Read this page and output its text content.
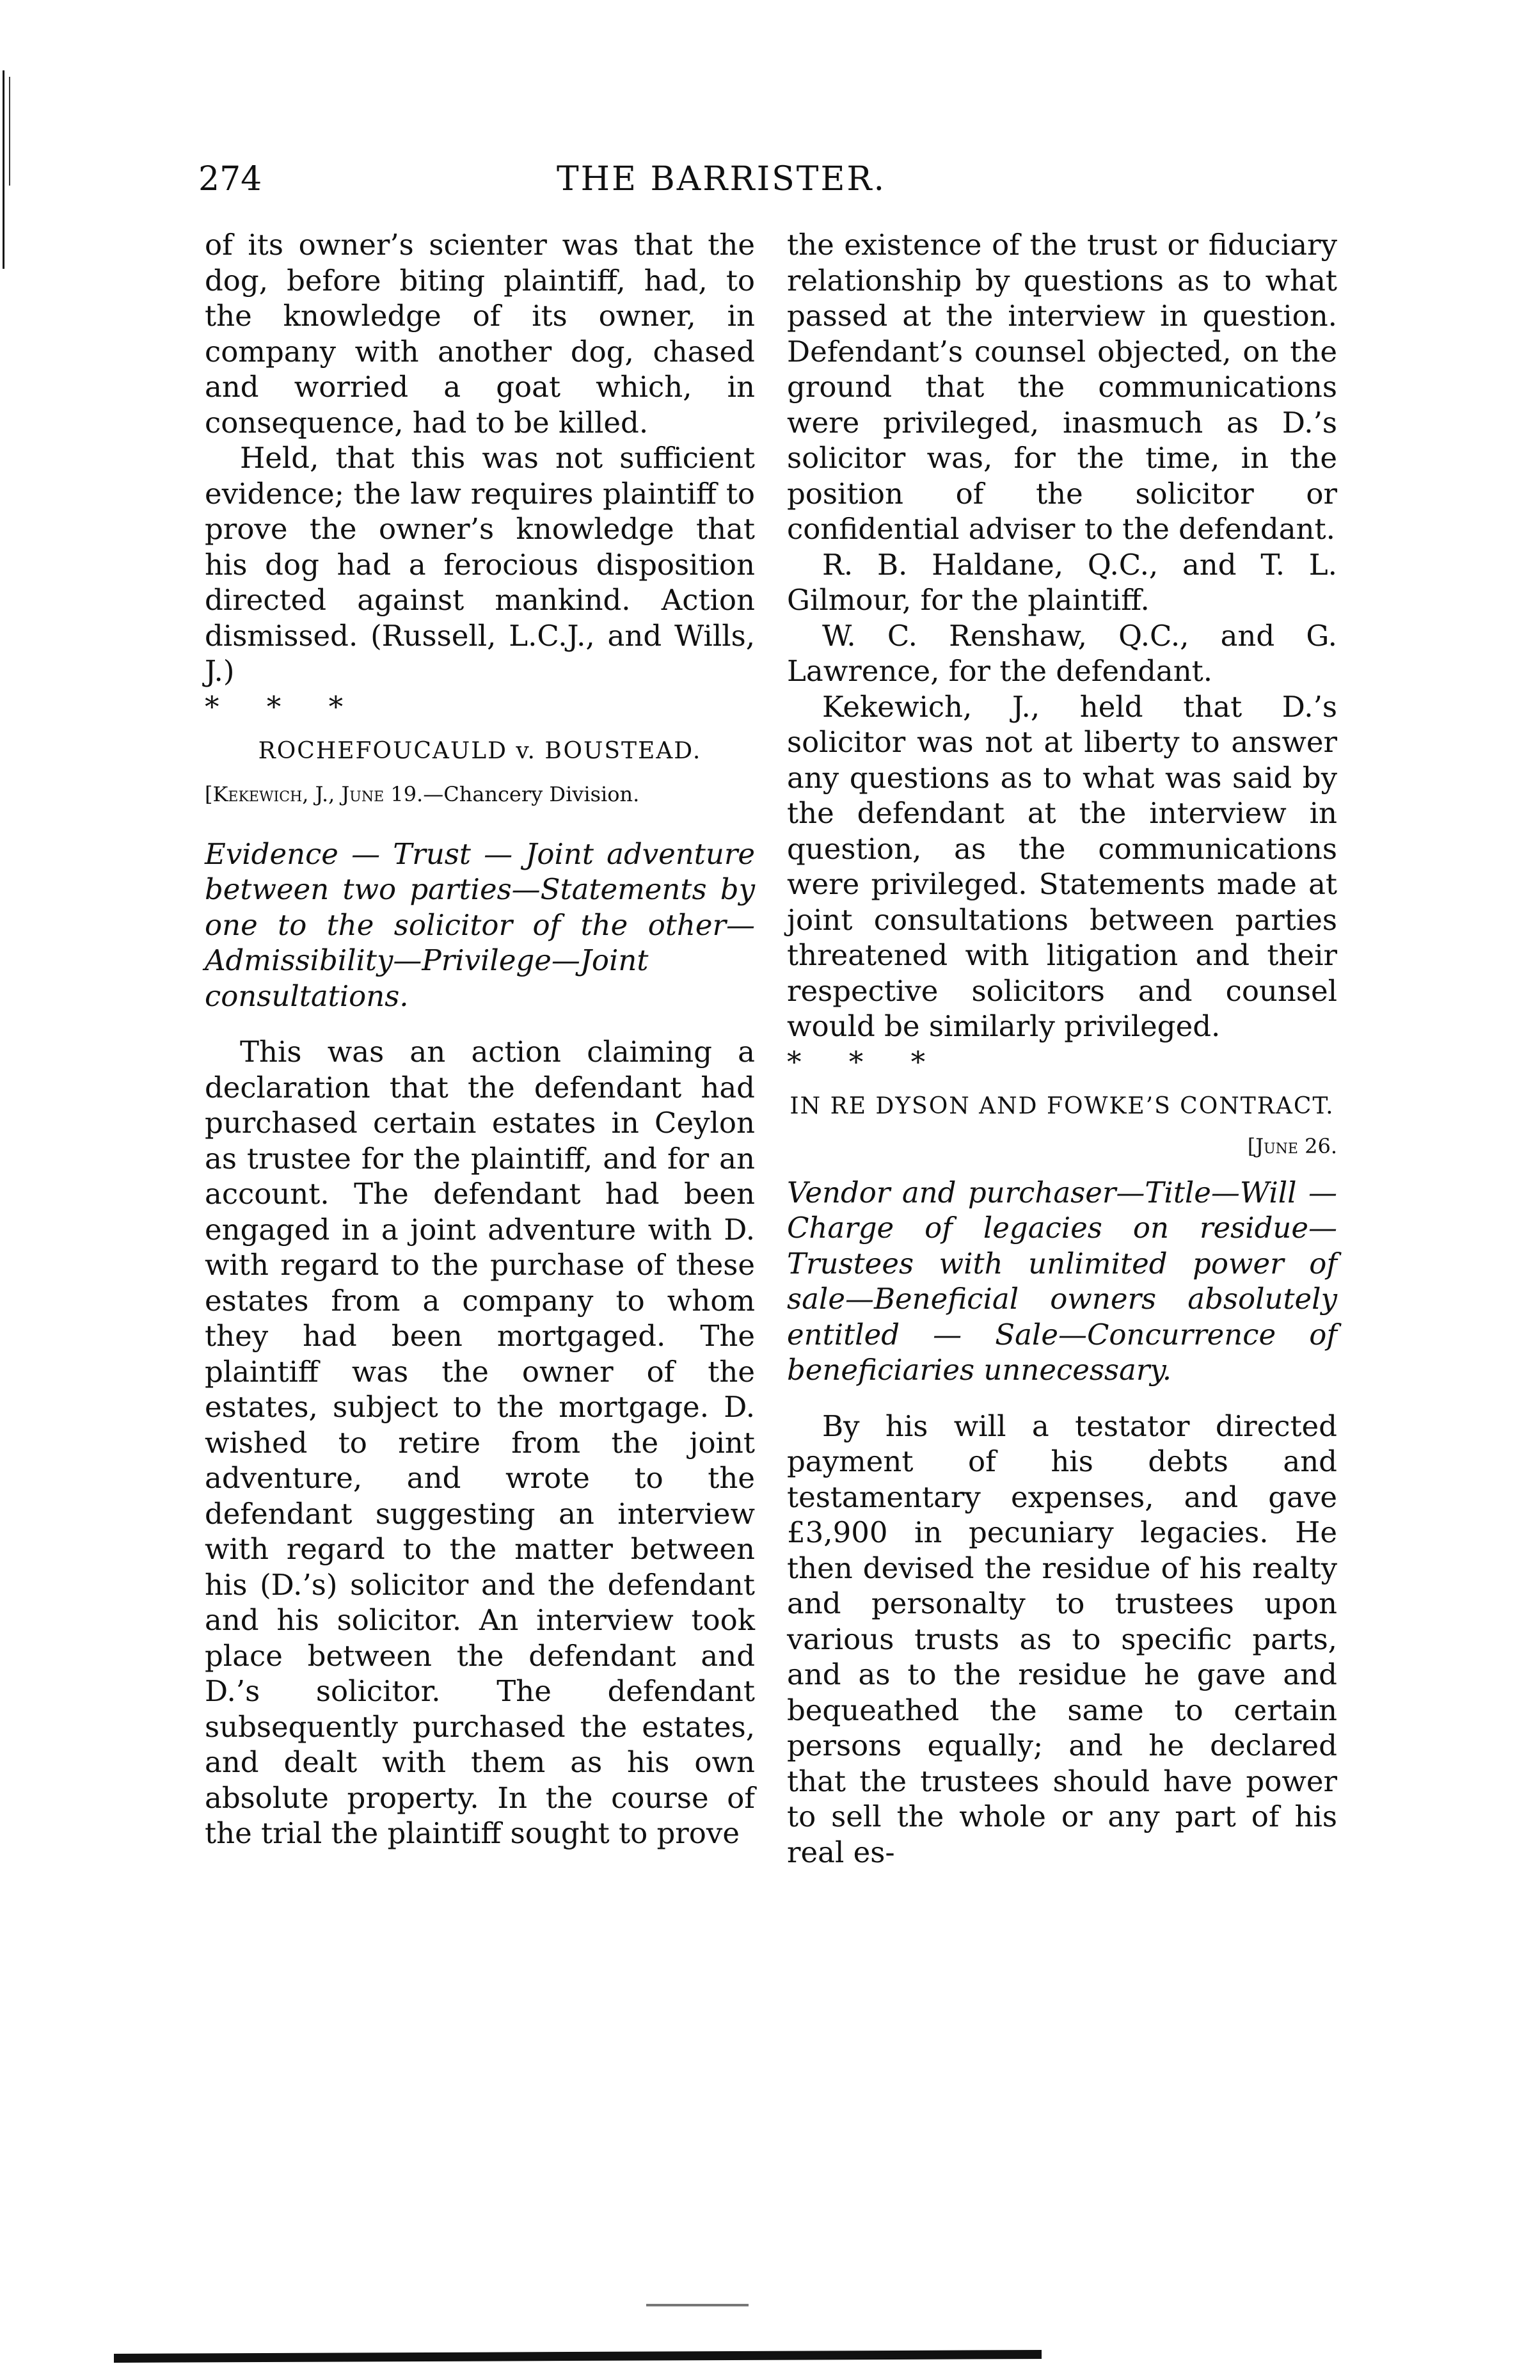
274	THE BARRISTER.

of its owner’s scienter was that the dog, before biting plaintiff, had, to the knowledge of its owner, in company with another dog, chased and worried a goat which, in consequence, had to be killed.

Held, that this was not sufficient evidence; the law requires plaintiff to prove the owner’s knowledge that his dog had a ferocious disposition directed against mankind. Action dismissed. (Russell, L.C.J., and Wills, J.)

* * *

ROCHEFOUCAULD v. BOUSTEAD.
[Kekewich, J., June 19.—Chancery Division.
Evidence — Trust — Joint adventure between two parties—Statements by one to the solicitor of the other—Admissibility—Privilege—Joint consultations.

This was an action claiming a declaration that the defendant had purchased certain estates in Ceylon as trustee for the plaintiff, and for an account. The defendant had been engaged in a joint adventure with D. with regard to the purchase of these estates from a company to whom they had been mortgaged. The plaintiff was the owner of the estates, subject to the mortgage. D. wished to retire from the joint adventure, and wrote to the defendant suggesting an interview with regard to the matter between his (D.’s) solicitor and the defendant and his solicitor. An interview took place between the defendant and D.’s solicitor. The defendant subsequently purchased the estates, and dealt with them as his own absolute property. In the course of the trial the plaintiff sought to prove

the existence of the trust or fiduciary relationship by questions as to what passed at the interview in question. Defendant’s counsel objected, on the ground that the communications were privileged, inasmuch as D.’s solicitor was, for the time, in the position of the solicitor or confidential adviser to the defendant.

R. B. Haldane, Q.C., and T. L. Gilmour, for the plaintiff.

W. C. Renshaw, Q.C., and G. Lawrence, for the defendant.

Kekewich, J., held that D.’s solicitor was not at liberty to answer any questions as to what was said by the defendant at the interview in question, as the communications were privileged. Statements made at joint consultations between parties threatened with litigation and their respective solicitors and counsel would be similarly privileged.

* * *

IN RE DYSON AND FOWKE’S CONTRACT.
[June 26.
Vendor and purchaser—Title—Will —Charge of legacies on residue—Trustees with unlimited power of sale—Beneficial owners absolutely entitled — Sale—Concurrence of beneficiaries unnecessary.

By his will a testator directed payment of his debts and testamentary expenses, and gave £3,900 in pecuniary legacies. He then devised the residue of his realty and personalty to trustees upon various trusts as to specific parts, and as to the residue he gave and bequeathed the same to certain persons equally; and he declared that the trustees should have power to sell the whole or any part of his real es-
